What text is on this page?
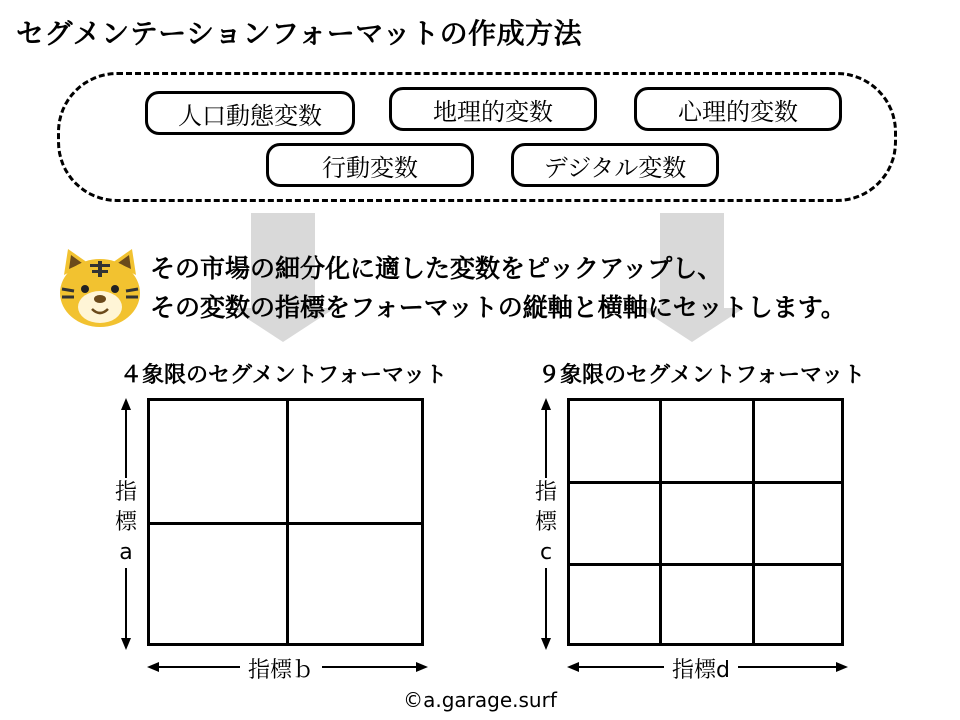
セグメンテーションフォーマットの作成方法
人口動態変数	地理的変数	心理的変数
行動変数	デジタル変数
その市場の細分化に適した変数をピックアップし、
その変数の指標をフォーマットの縦軸と横軸にセットします。
４象限のセグメントフォーマット
指
標
a
指標ｂ
９象限のセグメントフォーマット
指
標
c
指標d
©a.garage.surf
